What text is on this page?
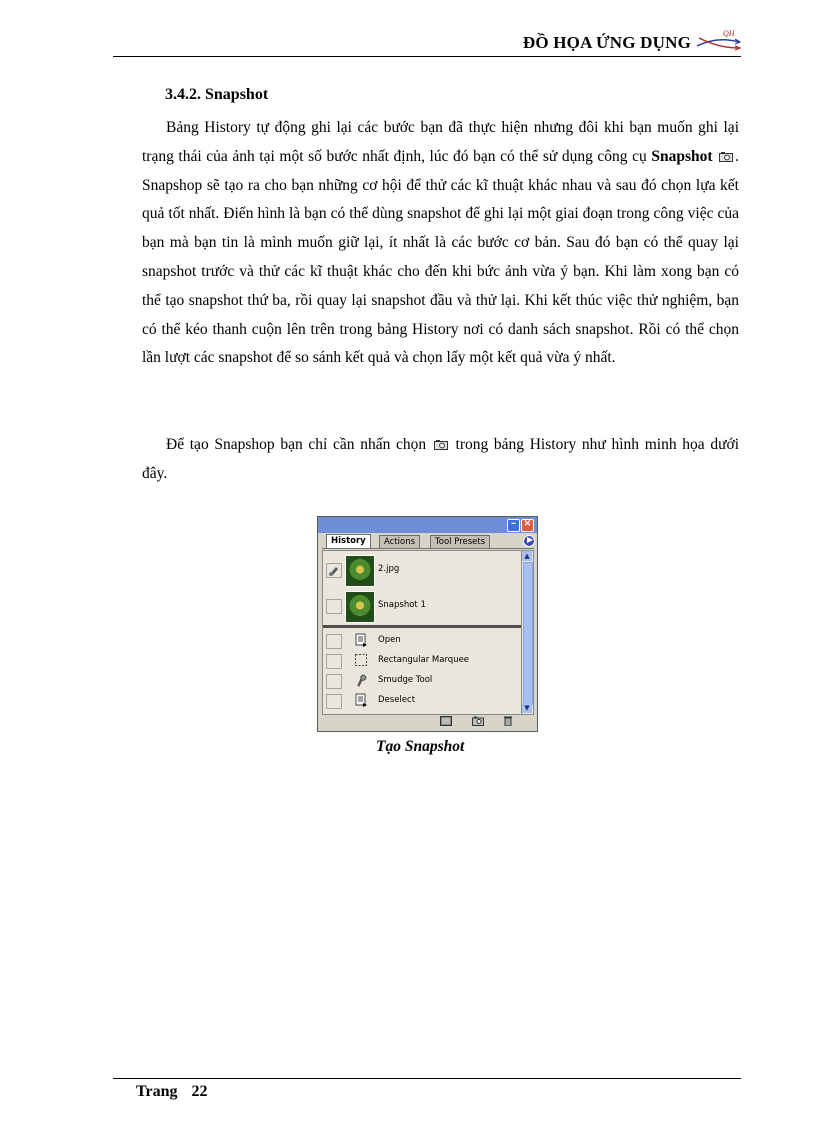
ĐỒ HỌA ỨNG DỤNG	QH
3.4.2. Snapshot

Bảng History tự động ghi lại các bước bạn đã thực hiện nhưng đôi khi bạn muốn ghi lại trạng thái của ảnh tại một số bước nhất định, lúc đó bạn có thể sử dụng công cụ Snapshot . Snapshop sẽ tạo ra cho bạn những cơ hội để thử các kĩ thuật khác nhau và sau đó chọn lựa kết quả tốt nhất. Điển hình là bạn có thể dùng snapshot để ghi lại một giai đoạn trong công việc của bạn mà bạn tin là mình muốn giữ lại, ít nhất là các bước cơ bản. Sau đó bạn có thể quay lại snapshot trước và thử các kĩ thuật khác cho đến khi bức ảnh vừa ý bạn. Khi làm xong bạn có thể tạo snapshot thứ ba, rồi quay lại snapshot đầu và thử lại. Khi kết thúc việc thử nghiệm, bạn có thể kéo thanh cuộn lên trên trong bảng History nơi có danh sách snapshot. Rồi có thể chọn lần lượt các snapshot để so sánh kết quả và chọn lấy một kết quả vừa ý nhất.

Để tạo Snapshop bạn chỉ cần nhấn chọn  trong bảng History như hình minh họa dưới đây.

– ×
History	Actions	Tool Presets	▶
2.jpg
Snapshot 1
Open
Rectangular Marquee
Smudge Tool
Deselect
▲
▼
Tạo Snapshot
Trang 22
